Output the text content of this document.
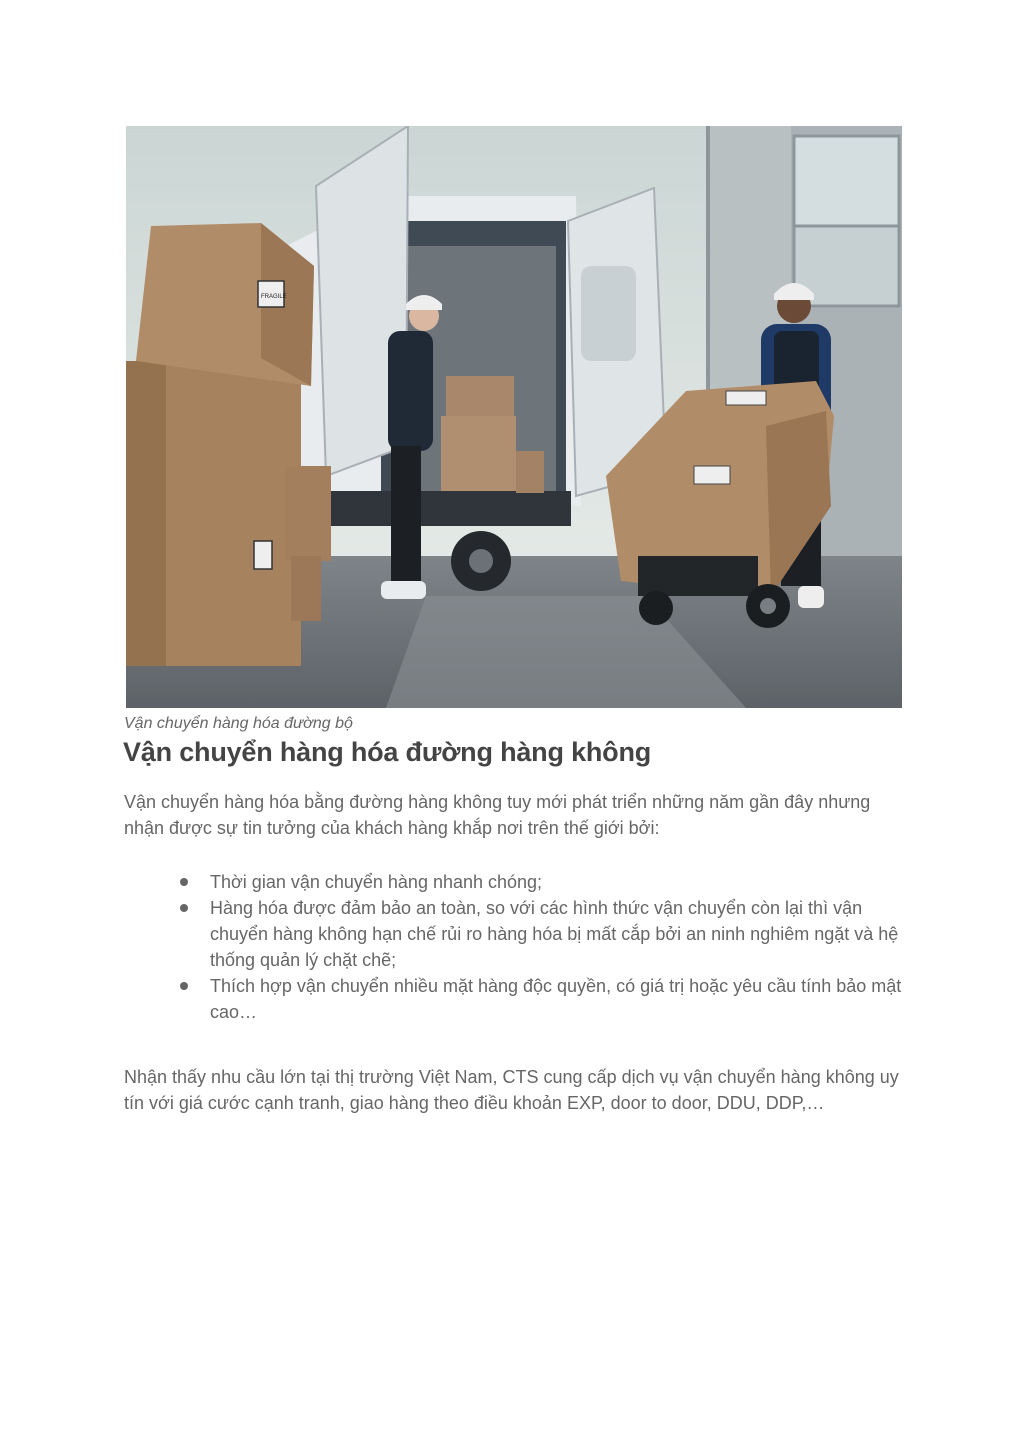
FRAGILE
Vận chuyển hàng hóa đường bộ
Vận chuyển hàng hóa đường hàng không

Vận chuyển hàng hóa bằng đường hàng không tuy mới phát triển những năm gần đây nhưng nhận được sự tin tưởng của khách hàng khắp nơi trên thế giới bởi:

Thời gian vận chuyển hàng nhanh chóng;
Hàng hóa được đảm bảo an toàn, so với các hình thức vận chuyển còn lại thì vận chuyển hàng không hạn chế rủi ro hàng hóa bị mất cắp bởi an ninh nghiêm ngặt và hệ thống quản lý chặt chẽ;
Thích hợp vận chuyển nhiều mặt hàng độc quyền, có giá trị hoặc yêu cầu tính bảo mật cao…

Nhận thấy nhu cầu lớn tại thị trường Việt Nam, CTS cung cấp dịch vụ vận chuyển hàng không uy tín với giá cước cạnh tranh, giao hàng theo điều khoản EXP, door to door, DDU, DDP,…
